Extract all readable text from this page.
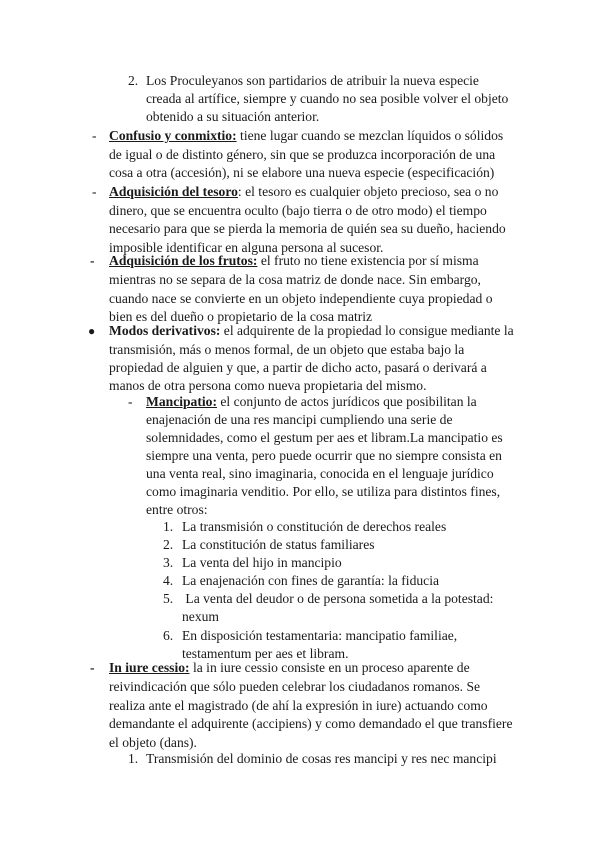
2. Los Proculeyanos son partidarios de atribuir la nueva especie
creada al artífice, siempre y cuando no sea posible volver el objeto
obtenido a su situación anterior.
- Confusio y conmixtio: tiene lugar cuando se mezclan líquidos o sólidos
de igual o de distinto género, sin que se produzca incorporación de una
cosa a otra (accesión), ni se elabore una nueva especie (especificación)
- Adquisición del tesoro: el tesoro es cualquier objeto precioso, sea o no
dinero, que se encuentra oculto (bajo tierra o de otro modo) el tiempo
necesario para que se pierda la memoria de quién sea su dueño, haciendo
imposible identificar en alguna persona al sucesor.
- Adquisición de los frutos: el fruto no tiene existencia por sí misma
mientras no se separa de la cosa matriz de donde nace. Sin embargo,
cuando nace se convierte en un objeto independiente cuya propiedad o
bien es del dueño o propietario de la cosa matriz
● Modos derivativos: el adquirente de la propiedad lo consigue mediante la
transmisión, más o menos formal, de un objeto que estaba bajo la
propiedad de alguien y que, a partir de dicho acto, pasará o derivará a
manos de otra persona como nueva propietaria del mismo.
- Mancipatio: el conjunto de actos jurídicos que posibilitan la
enajenación de una res mancipi cumpliendo una serie de
solemnidades, como el gestum per aes et libram.La mancipatio es
siempre una venta, pero puede ocurrir que no siempre consista en
una venta real, sino imaginaria, conocida en el lenguaje jurídico
como imaginaria venditio. Por ello, se utiliza para distintos fines,
entre otros:
1. La transmisión o constitución de derechos reales
2. La constitución de status familiares
3. La venta del hijo in mancipio
4. La enajenación con fines de garantía: la fiducia
5. La venta del deudor o de persona sometida a la potestad:
nexum
6. En disposición testamentaria: mancipatio familiae,
testamentum per aes et libram.
- In iure cessio: la in iure cessio consiste en un proceso aparente de
reivindicación que sólo pueden celebrar los ciudadanos romanos. Se
realiza ante el magistrado (de ahí la expresión in iure) actuando como
demandante el adquirente (accipiens) y como demandado el que transfiere
el objeto (dans).
1. Transmisión del dominio de cosas res mancipi y res nec mancipi
